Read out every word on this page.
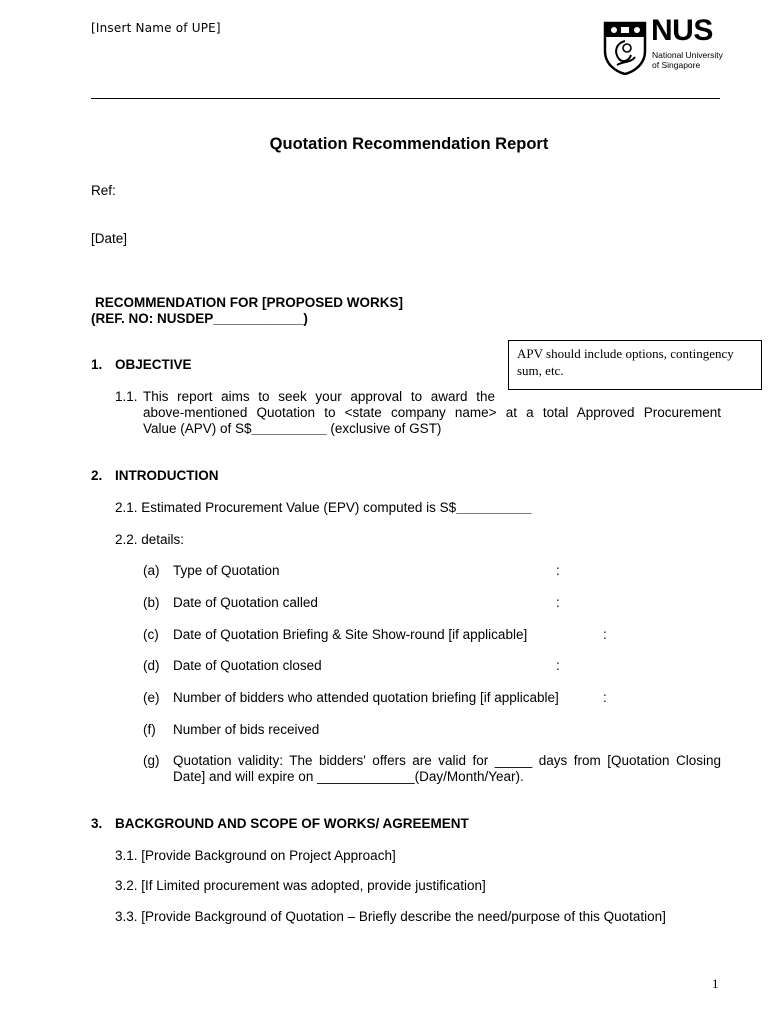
[Insert Name of UPE]	NUS
National University
of Singapore
Quotation Recommendation Report
Ref:
[Date]
RECOMMENDATION FOR [PROPOSED WORKS]
(REF. NO: NUSDEP____________)
APV should include options, contingency sum, etc.
1. OBJECTIVE
1.1. This report aims to seek your approval to award the
above-mentioned Quotation to <state company name> at a total Approved Procurement
Value (APV) of S$__________ (exclusive of GST)
2. INTRODUCTION
2.1. Estimated Procurement Value (EPV) computed is S$__________
2.2. details:
(a) Type of Quotation	:
(b) Date of Quotation called	:
(c) Date of Quotation Briefing & Site Show-round [if applicable]	:
(d) Date of Quotation closed	:
(e) Number of bidders who attended quotation briefing [if applicable]	:
(f) Number of bids received
(g) Quotation validity: The bidders' offers are valid for _____ days from [Quotation Closing
Date] and will expire on _____________(Day/Month/Year).
3. BACKGROUND AND SCOPE OF WORKS/ AGREEMENT
3.1. [Provide Background on Project Approach]
3.2. [If Limited procurement was adopted, provide justification]
3.3. [Provide Background of Quotation – Briefly describe the need/purpose of this Quotation]
1
